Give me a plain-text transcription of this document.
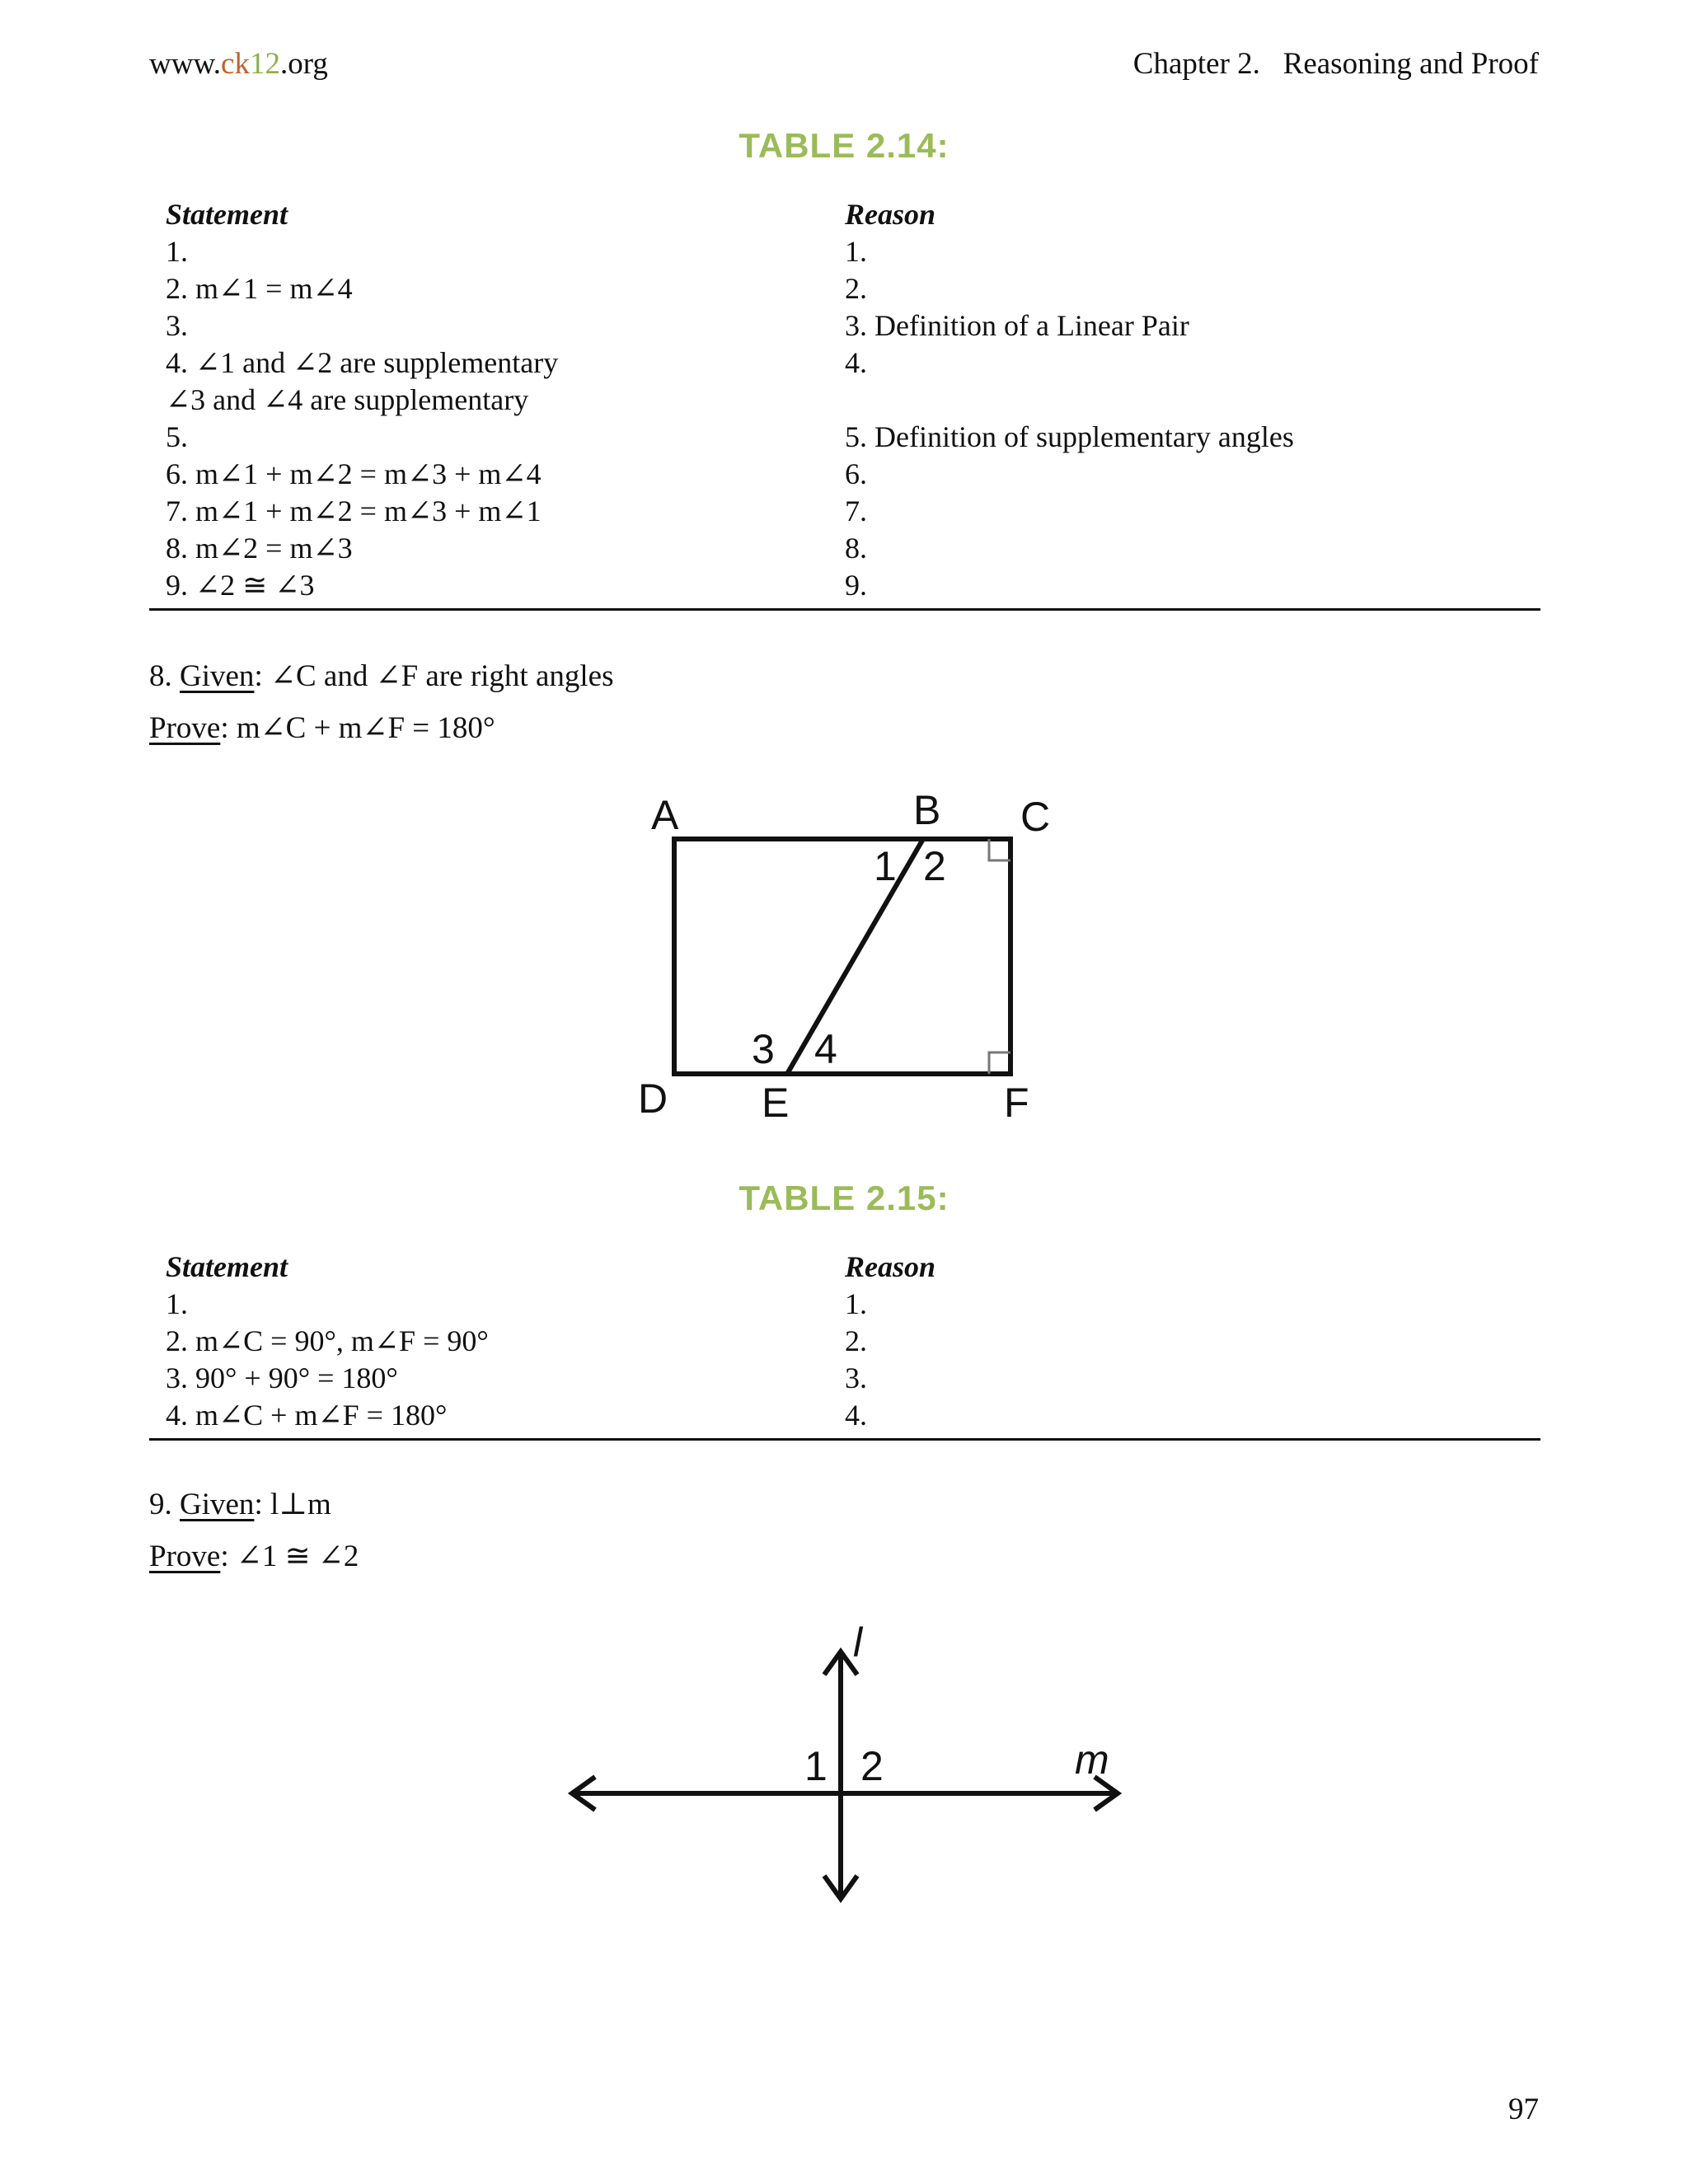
www.ck12.org	Chapter 2.   Reasoning and Proof
TABLE 2.14:
Statement	Reason
1.	1.
2. m∠1 = m∠4	2.
3.	3. Definition of a Linear Pair
4. ∠1 and ∠2 are supplementary	4.
∠3 and ∠4 are supplementary
5.	5. Definition of supplementary angles
6. m∠1 + m∠2 = m∠3 + m∠4	6.
7. m∠1 + m∠2 = m∠3 + m∠1	7.
8. m∠2 = m∠3	8.
9. ∠2 ≅ ∠3	9.
8. Given: ∠C and ∠F are right angles
Prove: m∠C + m∠F = 180°
A	B C
D E	F
1 2
3 4
TABLE 2.15:
Statement	Reason
1.	1.
2. m∠C = 90°, m∠F = 90°	2.
3. 90° + 90° = 180°	3.
4. m∠C + m∠F = 180°	4.
9. Given: l⊥m
Prove: ∠1 ≅ ∠2
l
m
1 2
97
